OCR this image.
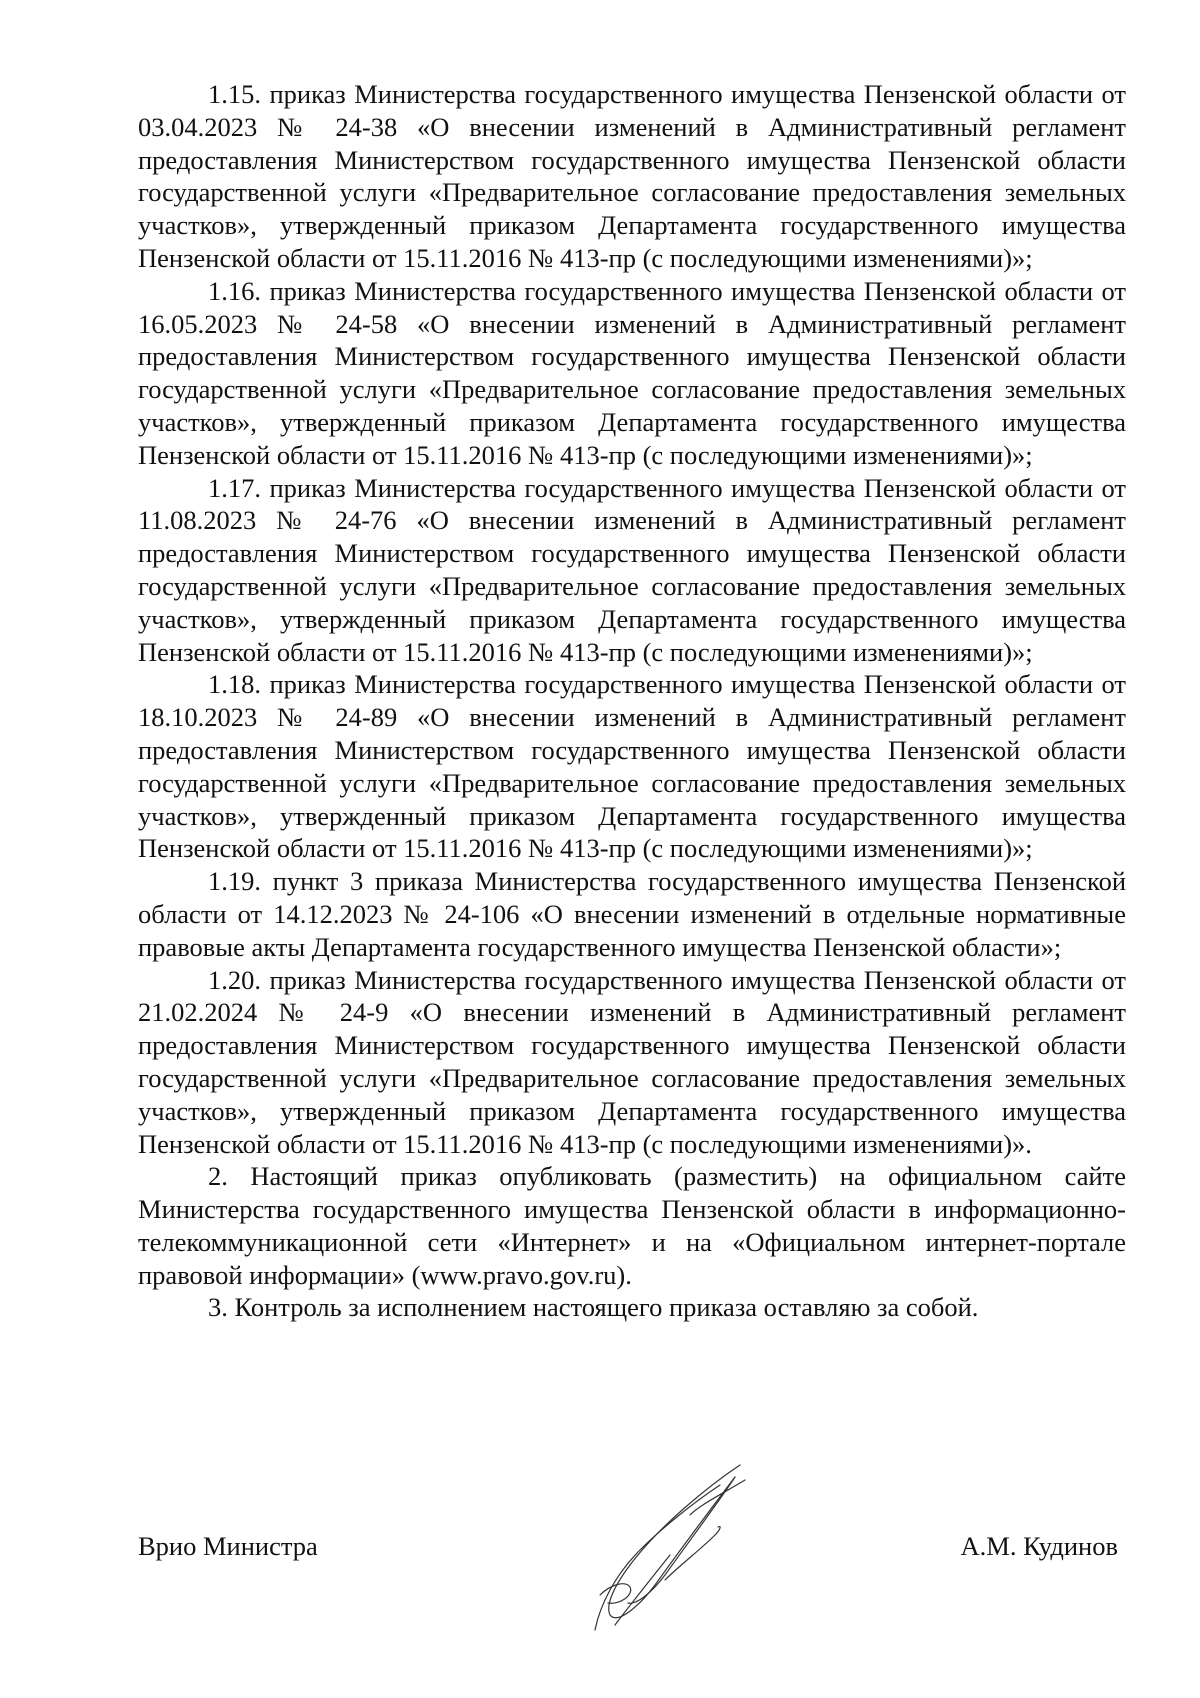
1.15. приказ Министерства государственного имущества Пензенской области от 03.04.2023 № 24-38 «О внесении изменений в Административный регламент предоставления Министерством государственного имущества Пензенской области государственной услуги «Предварительное согласование предоставления земельных участков», утвержденный приказом Департамента государственного имущества Пензенской области от 15.11.2016 № 413-пр (с последующими изменениями)»;

1.16. приказ Министерства государственного имущества Пензенской области от 16.05.2023 № 24-58 «О внесении изменений в Административный регламент предоставления Министерством государственного имущества Пензенской области государственной услуги «Предварительное согласование предоставления земельных участков», утвержденный приказом Департамента государственного имущества Пензенской области от 15.11.2016 № 413-пр (с последующими изменениями)»;

1.17. приказ Министерства государственного имущества Пензенской области от 11.08.2023 № 24-76 «О внесении изменений в Административный регламент предоставления Министерством государственного имущества Пензенской области государственной услуги «Предварительное согласование предоставления земельных участков», утвержденный приказом Департамента государственного имущества Пензенской области от 15.11.2016 № 413-пр (с последующими изменениями)»;

1.18. приказ Министерства государственного имущества Пензенской области от 18.10.2023 № 24-89 «О внесении изменений в Административный регламент предоставления Министерством государственного имущества Пензенской области государственной услуги «Предварительное согласование предоставления земельных участков», утвержденный приказом Департамента государственного имущества Пензенской области от 15.11.2016 № 413-пр (с последующими изменениями)»;

1.19. пункт 3 приказа Министерства государственного имущества Пензенской области от 14.12.2023 № 24-106 «О внесении изменений в отдельные нормативные правовые акты Департамента государственного имущества Пензенской области»;

1.20. приказ Министерства государственного имущества Пензенской области от 21.02.2024 № 24-9 «О внесении изменений в Административный регламент предоставления Министерством государственного имущества Пензенской области государственной услуги «Предварительное согласование предоставления земельных участков», утвержденный приказом Департамента государственного имущества Пензенской области от 15.11.2016 № 413-пр (с последующими изменениями)».

2. Настоящий приказ опубликовать (разместить) на официальном сайте Министерства государственного имущества Пензенской области в информационно-телекоммуникационной сети «Интернет» и на «Официальном интернет-портале правовой информации» (www.pravo.gov.ru).

3. Контроль за исполнением настоящего приказа оставляю за собой.

Врио Министра	А.М. Кудинов
